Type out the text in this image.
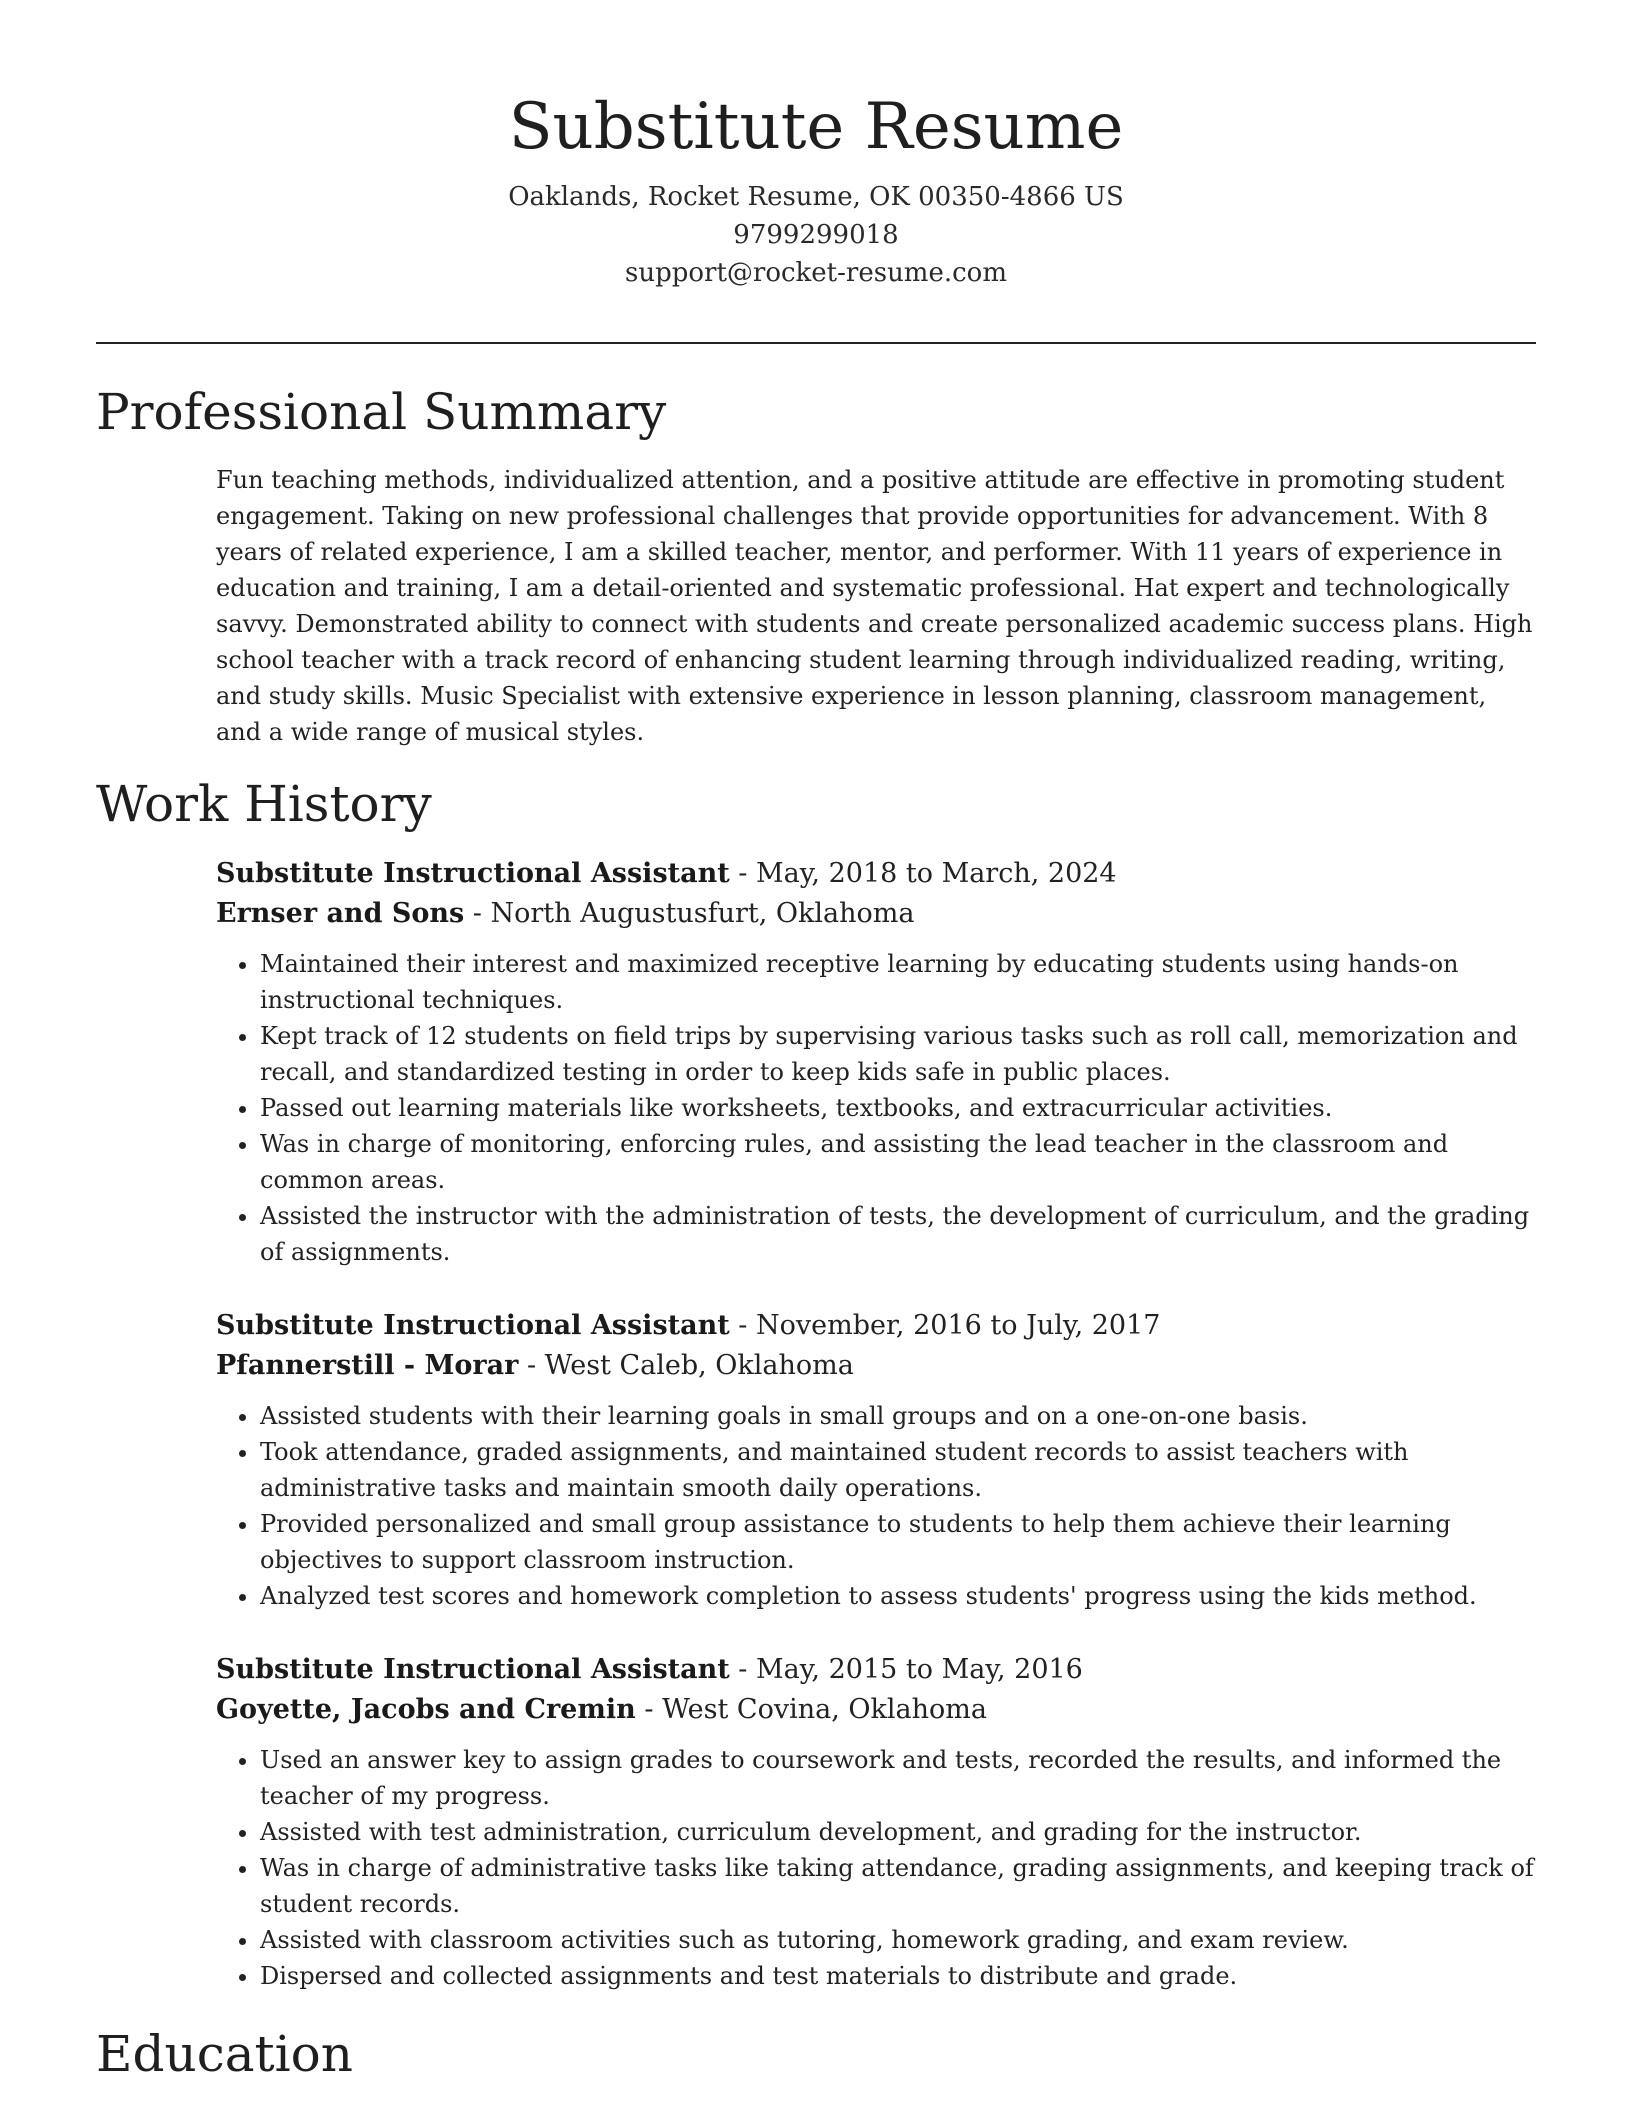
Substitute Resume
Oaklands, Rocket Resume, OK 00350-4866 US
9799299018
support@rocket-resume.com
Professional Summary

Fun teaching methods, individualized attention, and a positive attitude are effective in promoting student engagement. Taking on new professional challenges that provide opportunities for advancement. With 8 years of related experience, I am a skilled teacher, mentor, and performer. With 11 years of experience in education and training, I am a detail-oriented and systematic professional. Hat expert and technologically savvy. Demonstrated ability to connect with students and create personalized academic success plans. High school teacher with a track record of enhancing student learning through individualized reading, writing, and study skills. Music Specialist with extensive experience in lesson planning, classroom management, and a wide range of musical styles.

Work History
Substitute Instructional Assistant - May, 2018 to March, 2024
Ernser and Sons - North Augustusfurt, Oklahoma
• Maintained their interest and maximized receptive learning by educating students using hands-on instructional techniques.
• Kept track of 12 students on field trips by supervising various tasks such as roll call, memorization and recall, and standardized testing in order to keep kids safe in public places.
• Passed out learning materials like worksheets, textbooks, and extracurricular activities.
• Was in charge of monitoring, enforcing rules, and assisting the lead teacher in the classroom and common areas.
• Assisted the instructor with the administration of tests, the development of curriculum, and the grading of assignments.
Substitute Instructional Assistant - November, 2016 to July, 2017
Pfannerstill - Morar - West Caleb, Oklahoma
• Assisted students with their learning goals in small groups and on a one-on-one basis.
• Took attendance, graded assignments, and maintained student records to assist teachers with administrative tasks and maintain smooth daily operations.
• Provided personalized and small group assistance to students to help them achieve their learning objectives to support classroom instruction.
• Analyzed test scores and homework completion to assess students' progress using the kids method.
Substitute Instructional Assistant - May, 2015 to May, 2016
Goyette, Jacobs and Cremin - West Covina, Oklahoma
• Used an answer key to assign grades to coursework and tests, recorded the results, and informed the teacher of my progress.
• Assisted with test administration, curriculum development, and grading for the instructor.
• Was in charge of administrative tasks like taking attendance, grading assignments, and keeping track of student records.
• Assisted with classroom activities such as tutoring, homework grading, and exam review.
• Dispersed and collected assignments and test materials to distribute and grade.
Education
